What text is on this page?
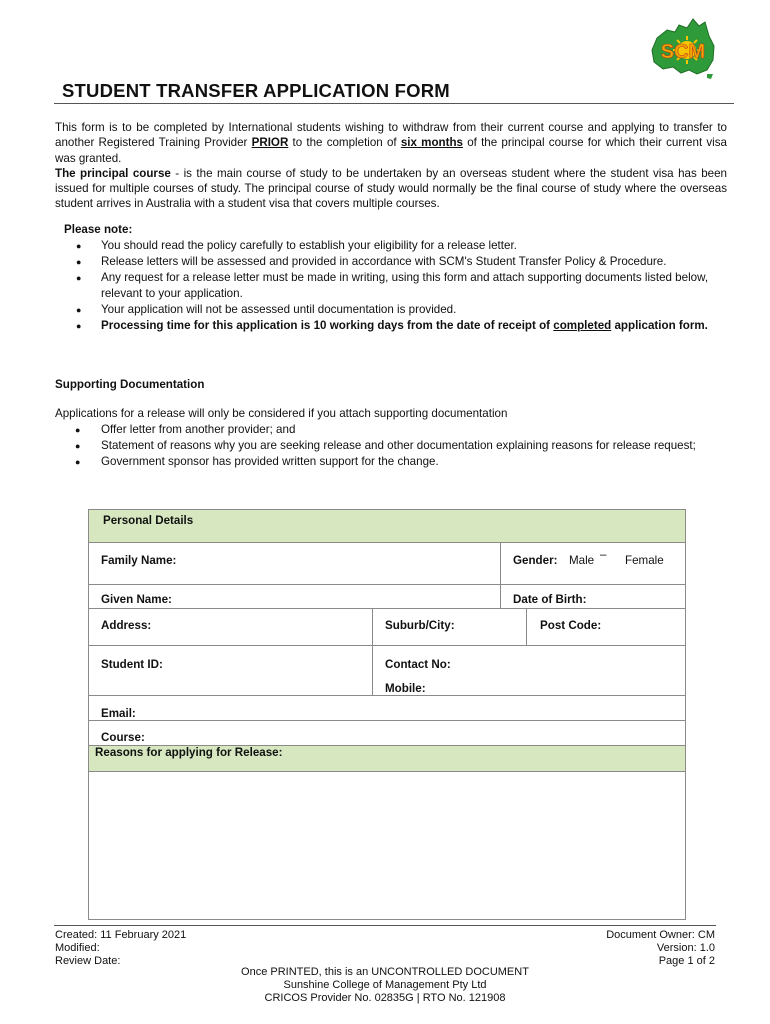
SCM
STUDENT TRANSFER APPLICATION FORM

This form is to be completed by International students wishing to withdraw from their current course and applying to transfer to another Registered Training Provider PRIOR to the completion of six months of the principal course for which their current visa was granted.

The principal course - is the main course of study to be undertaken by an overseas student where the student visa has been issued for multiple courses of study. The principal course of study would normally be the final course of study where the overseas student arrives in Australia with a student visa that covers multiple courses.

Please note:
● You should read the policy carefully to establish your eligibility for a release letter.
● Release letters will be assessed and provided in accordance with SCM's Student Transfer Policy & Procedure.
● Any request for a release letter must be made in writing, using this form and attach supporting documents listed below, relevant to your application.
● Your application will not be assessed until documentation is provided.
● Processing time for this application is 10 working days from the date of receipt of completed application form.
Supporting Documentation
Applications for a release will only be considered if you attach supporting documentation
● Offer letter from another provider; and
● Statement of reasons why you are seeking release and other documentation explaining reasons for release request;
● Government sponsor has provided written support for the change.
Personal Details
Family Name:	Gender: Male – Female
Given Name:	Date of Birth:
Address:	Suburb/City:	Post Code:
Student ID:	Contact No:
Mobile:
Email:
Course:
Reasons for applying for Release:
Created: 11 February 2021
Modified:
Review Date:
Document Owner: CM
Version: 1.0
Page 1 of 2
Once PRINTED, this is an UNCONTROLLED DOCUMENT
Sunshine College of Management Pty Ltd
CRICOS Provider No. 02835G | RTO No. 121908
